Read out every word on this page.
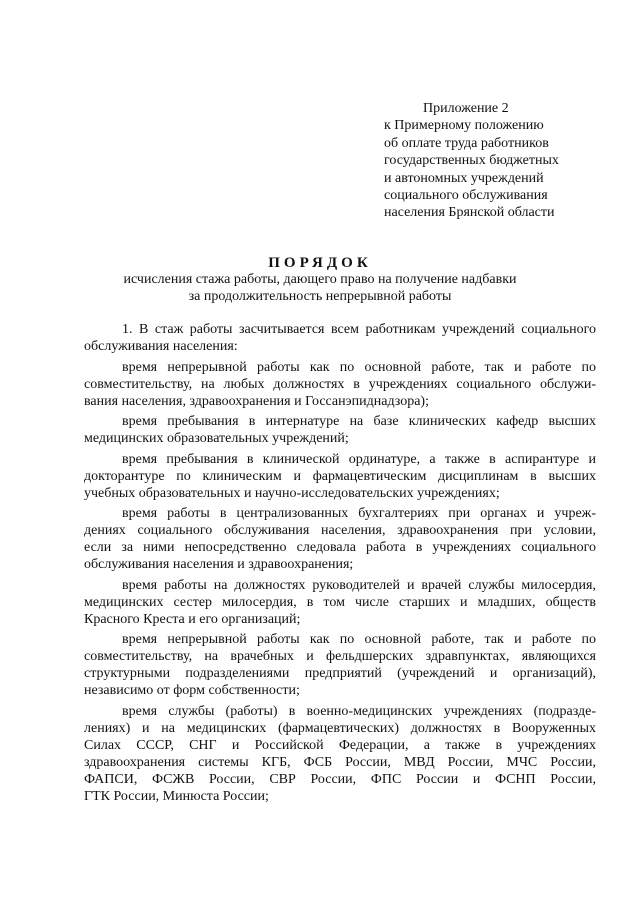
Приложение 2
к Примерному положению
об оплате труда работников
государственных бюджетных
и автономных учреждений
социального обслуживания
населения Брянской области
ПОРЯДОК
исчисления стажа работы, дающего право на получение надбавки
за продолжительность непрерывной работы
1. В стаж работы засчитывается всем работникам учреждений социального
обслуживания населения:
время непрерывной работы как по основной работе, так и работе по
совместительству, на любых должностях в учреждениях социального обслужи-
вания населения, здравоохранения и Госсанэпиднадзора);
время пребывания в интернатуре на базе клинических кафедр высших
медицинских образовательных учреждений;
время пребывания в клинической ординатуре, а также в аспирантуре и
докторантуре по клиническим и фармацевтическим дисциплинам в высших
учебных образовательных и научно-исследовательских учреждениях;
время работы в централизованных бухгалтериях при органах и учреж-
дениях социального обслуживания населения, здравоохранения при условии,
если за ними непосредственно следовала работа в учреждениях социального
обслуживания населения и здравоохранения;
время работы на должностях руководителей и врачей службы милосердия,
медицинских сестер милосердия, в том числе старших и младших, обществ
Красного Креста и его организаций;
время непрерывной работы как по основной работе, так и работе по
совместительству, на врачебных и фельдшерских здравпунктах, являющихся
структурными подразделениями предприятий (учреждений и организаций),
независимо от форм собственности;
время службы (работы) в военно-медицинских учреждениях (подразде-
лениях) и на медицинских (фармацевтических) должностях в Вооруженных
Силах СССР, СНГ и Российской Федерации, а также в учреждениях
здравоохранения системы КГБ, ФСБ России, МВД России, МЧС России,
ФАПСИ, ФСЖВ России, СВР России, ФПС России и ФСНП России,
ГТК России, Минюста России;
